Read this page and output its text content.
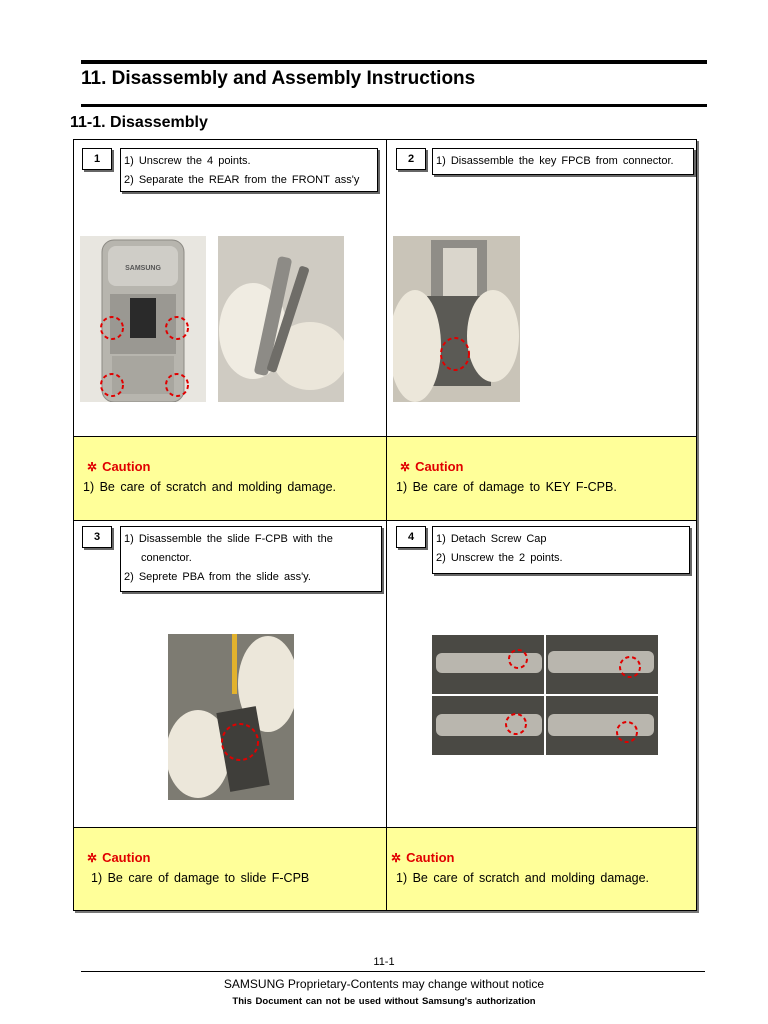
11. Disassembly and Assembly Instructions
11-1. Disassembly
✲ Caution
1) Be care of scratch and molding damage.
✲ Caution
1) Be care of damage to KEY F-CPB.
✲ Caution
1) Be care of damage to slide F-CPB
✲ Caution
1) Be care of scratch and molding damage.
1	1) Unscrew the 4 points.
2) Separate the REAR from the FRONT ass'y
SAMSUNG
2	1) Disassemble the key FPCB from connector.
3	1) Disassemble the slide F-CPB with the
conenctor.
2) Seprete PBA from the slide ass'y.
4	1) Detach Screw Cap
2) Unscrew the 2 points.
11-1
SAMSUNG Proprietary-Contents may change without notice
This Document can not be used without Samsung's authorization
